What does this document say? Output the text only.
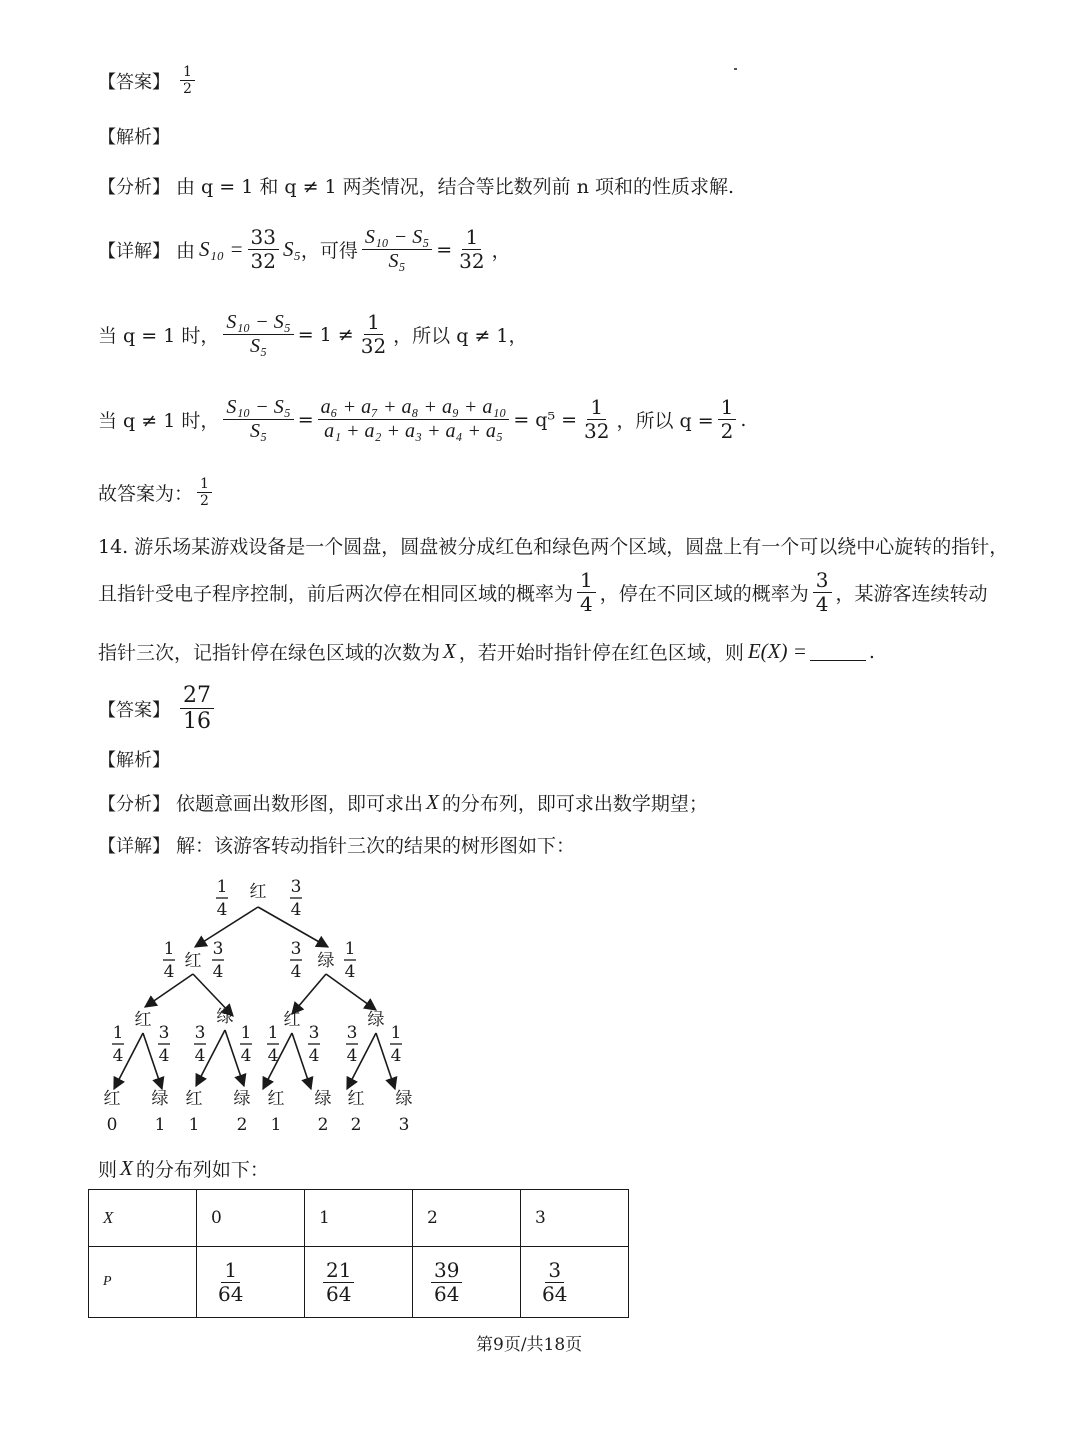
【答案】 $\frac{1}{2}$
【解析】
【分析】 由 q = 1 和 q ≠ 1 两类情况，结合等比数列前 n 项和的性质求解.
【详解】 由 $S_{10} = \frac{33}{32} S_5$ ，可得 $\frac{\text{S₁₀ − S₅}}{\text{S₅}} = \frac{1}{32}$ ，
当 q = 1 时， $\frac{\text{S₁₀ − S₅}}{\text{S₅}} = 1 \ne \frac{1}{32}$ ，所以 q ≠ 1，
当 q ≠ 1 时， $\frac{\text{S₁₀ − S₅}}{\text{S₅}} = \frac{\text{a₆ + a₇ + a₈ + a₉ + a₁₀}}{\text{a₁ + a₂ + a₃ + a₄ + a₅}} = q^5 = \frac{1}{32}$ ，所以 $q = \frac{1}{2}$ .
故答案为： $\frac{1}{2}$
14. 游乐场某游戏设备是一个圆盘，圆盘被分成红色和绿色两个区域，圆盘上有一个可以绕中心旋转的指针，
且指针受电子程序控制，前后两次停在相同区域的概率为 $\frac{1}{4}$ ，停在不同区域的概率为 $\frac{3}{4}$ ，某游客连续转动
指针三次，记指针停在绿色区域的次数为 X ，若开始时指针停在红色区域，则 E(X) =	.
【答案】 $\frac{27}{16}$
【解析】
【分析】 依题意画出数形图，即可求出 X 的分布列，即可求出数学期望；
【详解】 解：该游客转动指针三次的结果的树形图如下：
红
1
4
3
4
红
1
4
3
4
绿
3
4
1
4
红
1
4
3
4
绿
3
4
1
4
红
1
4
3
4
绿
3
4
1
4
红
0
绿
1
红
1
绿
2
红
1
绿
2
红
2
绿
3
则 X 的分布列如下：
X	0	1	2	3
P	$\frac{1}{64}$	$\frac{21}{64}$	$\frac{39}{64}$	$\frac{3}{64}$
第9页/共18页
